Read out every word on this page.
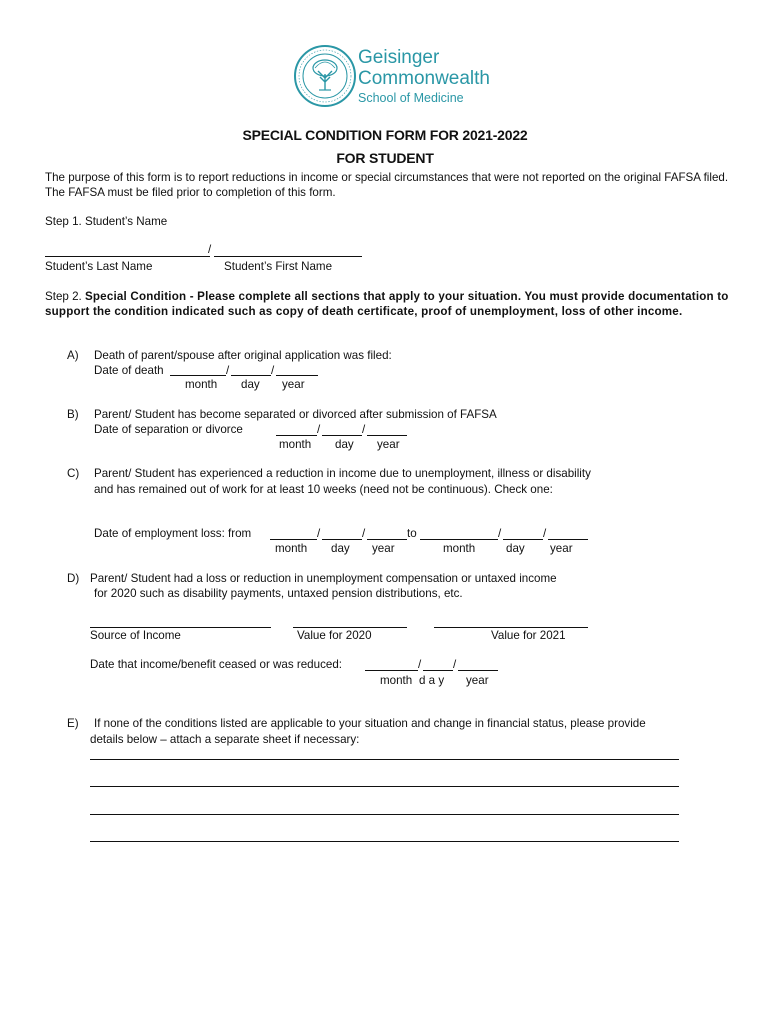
Geisinger
Commonwealth
School of Medicine
SPECIAL CONDITION FORM FOR 2021-2022
FOR STUDENT
The purpose of this form is to report reductions in income or special circumstances that were not reported on the original FAFSA filed. The FAFSA must be filed prior to completion of this form.
Step 1. Student’s Name
/
Student’s Last Name	Student’s First Name
Step 2. Special Condition - Please complete all sections that apply to your situation. You must provide documentation to support the condition indicated such as copy of death certificate, proof of unemployment, loss of other income.
A) Death of parent/spouse after original application was filed:
Date of death	/	/
month day year
B) Parent/ Student has become separated or divorced after submission of FAFSA
Date of separation or divorce	/	/
month day year
C) Parent/ Student has experienced a reduction in income due to unemployment, illness or disability
and has remained out of work for at least 10 weeks (need not be continuous). Check one:
Date of employment loss: from	/	/	to	/	/
month day year	month	day year
D) Parent/ Student had a loss or reduction in unemployment compensation or untaxed income
for 2020 such as disability payments, untaxed pension distributions, etc.
Source of Income	Value for 2020	Value for 2021
Date that income/benefit ceased or was reduced:	/	/
month d a y year
E) If none of the conditions listed are applicable to your situation and change in financial status, please provide
details below – attach a separate sheet if necessary:
